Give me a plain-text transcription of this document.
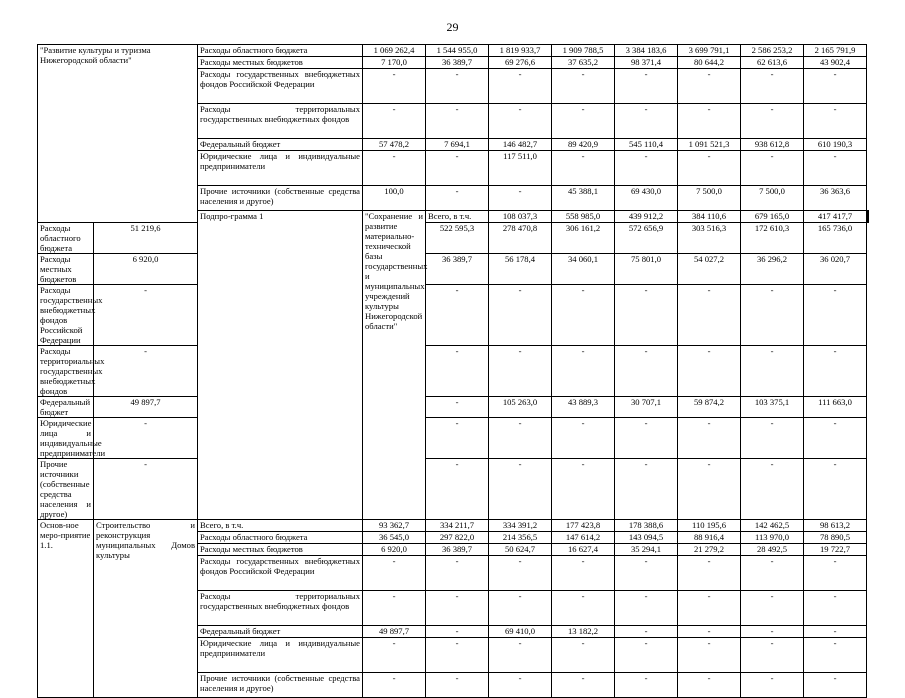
29
"Развитие культуры и туризма Нижегородской области"		Расходы областного бюджета	1 069 262,4	1 544 955,0	1 819 933,7	1 909 788,5	3 384 183,6	3 699 791,1	2 586 253,2	2 165 791,9	
		Расходы местных бюджетов	7 170,0	36 389,7	69 276,6	37 635,2	98 371,4	80 644,2	62 613,6	43 902,4	
		Расходы государственных внебюджетных фондов Российской Федерации	-	-	-	-	-	-	-	-	
		Расходы территориальных государственных внебюджетных фондов	-	-	-	-	-	-	-	-	
		Федеральный бюджет	57 478,2	7 694,1	146 482,7	89 420,9	545 110,4	1 091 521,3	938 612,8	610 190,3	
		Юридические лица и индивидуальные предприниматели	-	-	117 511,0	-	-	-	-	-	
		Прочие источники (собственные средства населения и другое)	100,0	-	-	45 388,1	69 430,0	7 500,0	7 500,0	36 363,6	
		Подпро-грамма 1	"Сохранение и развитие материально-технической базы государственных и муниципальных учреждений культуры Нижегородской области"	Всего, в т.ч.	108 037,3	558 985,0	439 912,2	384 110,6	679 165,0	417 417,7		
Расходы областного бюджета	51 219,6			522 595,3	278 470,8	306 161,2	572 656,9	303 516,3	172 610,3	165 736,0	
Расходы местных бюджетов	6 920,0			36 389,7	56 178,4	34 060,1	75 801,0	54 027,2	36 296,2	36 020,7	
Расходы государственных внебюджетных фондов Российской Федерации	-			-	-	-	-	-	-	-	
Расходы территориальных государственных внебюджетных фондов	-			-	-	-	-	-	-	-	
Федеральный бюджет	49 897,7			-	105 263,0	43 889,3	30 707,1	59 874,2	103 375,1	111 663,0	
Юридические лица и индивидуальные предприниматели	-			-	-	-	-	-	-	-	
Прочие источники (собственные средства населения и другое)	-			-	-	-	-	-	-	-	
Основ-ное меро-приятие 1.1.	Строительство и реконструкция муниципальных Домов культуры	Всего, в т.ч.	93 362,7	334 211,7	334 391,2	177 423,8	178 388,6	110 195,6	142 462,5	98 613,2	
		Расходы областного бюджета	36 545,0	297 822,0	214 356,5	147 614,2	143 094,5	88 916,4	113 970,0	78 890,5	
		Расходы местных бюджетов	6 920,0	36 389,7	50 624,7	16 627,4	35 294,1	21 279,2	28 492,5	19 722,7	
		Расходы государственных внебюджетных фондов Российской Федерации	-	-	-	-	-	-	-	-	
		Расходы территориальных государственных внебюджетных фондов	-	-	-	-	-	-	-	-	
		Федеральный бюджет	49 897,7	-	69 410,0	13 182,2	-	-	-	-	
		Юридические лица и индивидуальные предприниматели	-	-	-	-	-	-	-	-	
		Прочие источники (собственные средства населения и другое)	-	-	-	-	-	-	-	-	
